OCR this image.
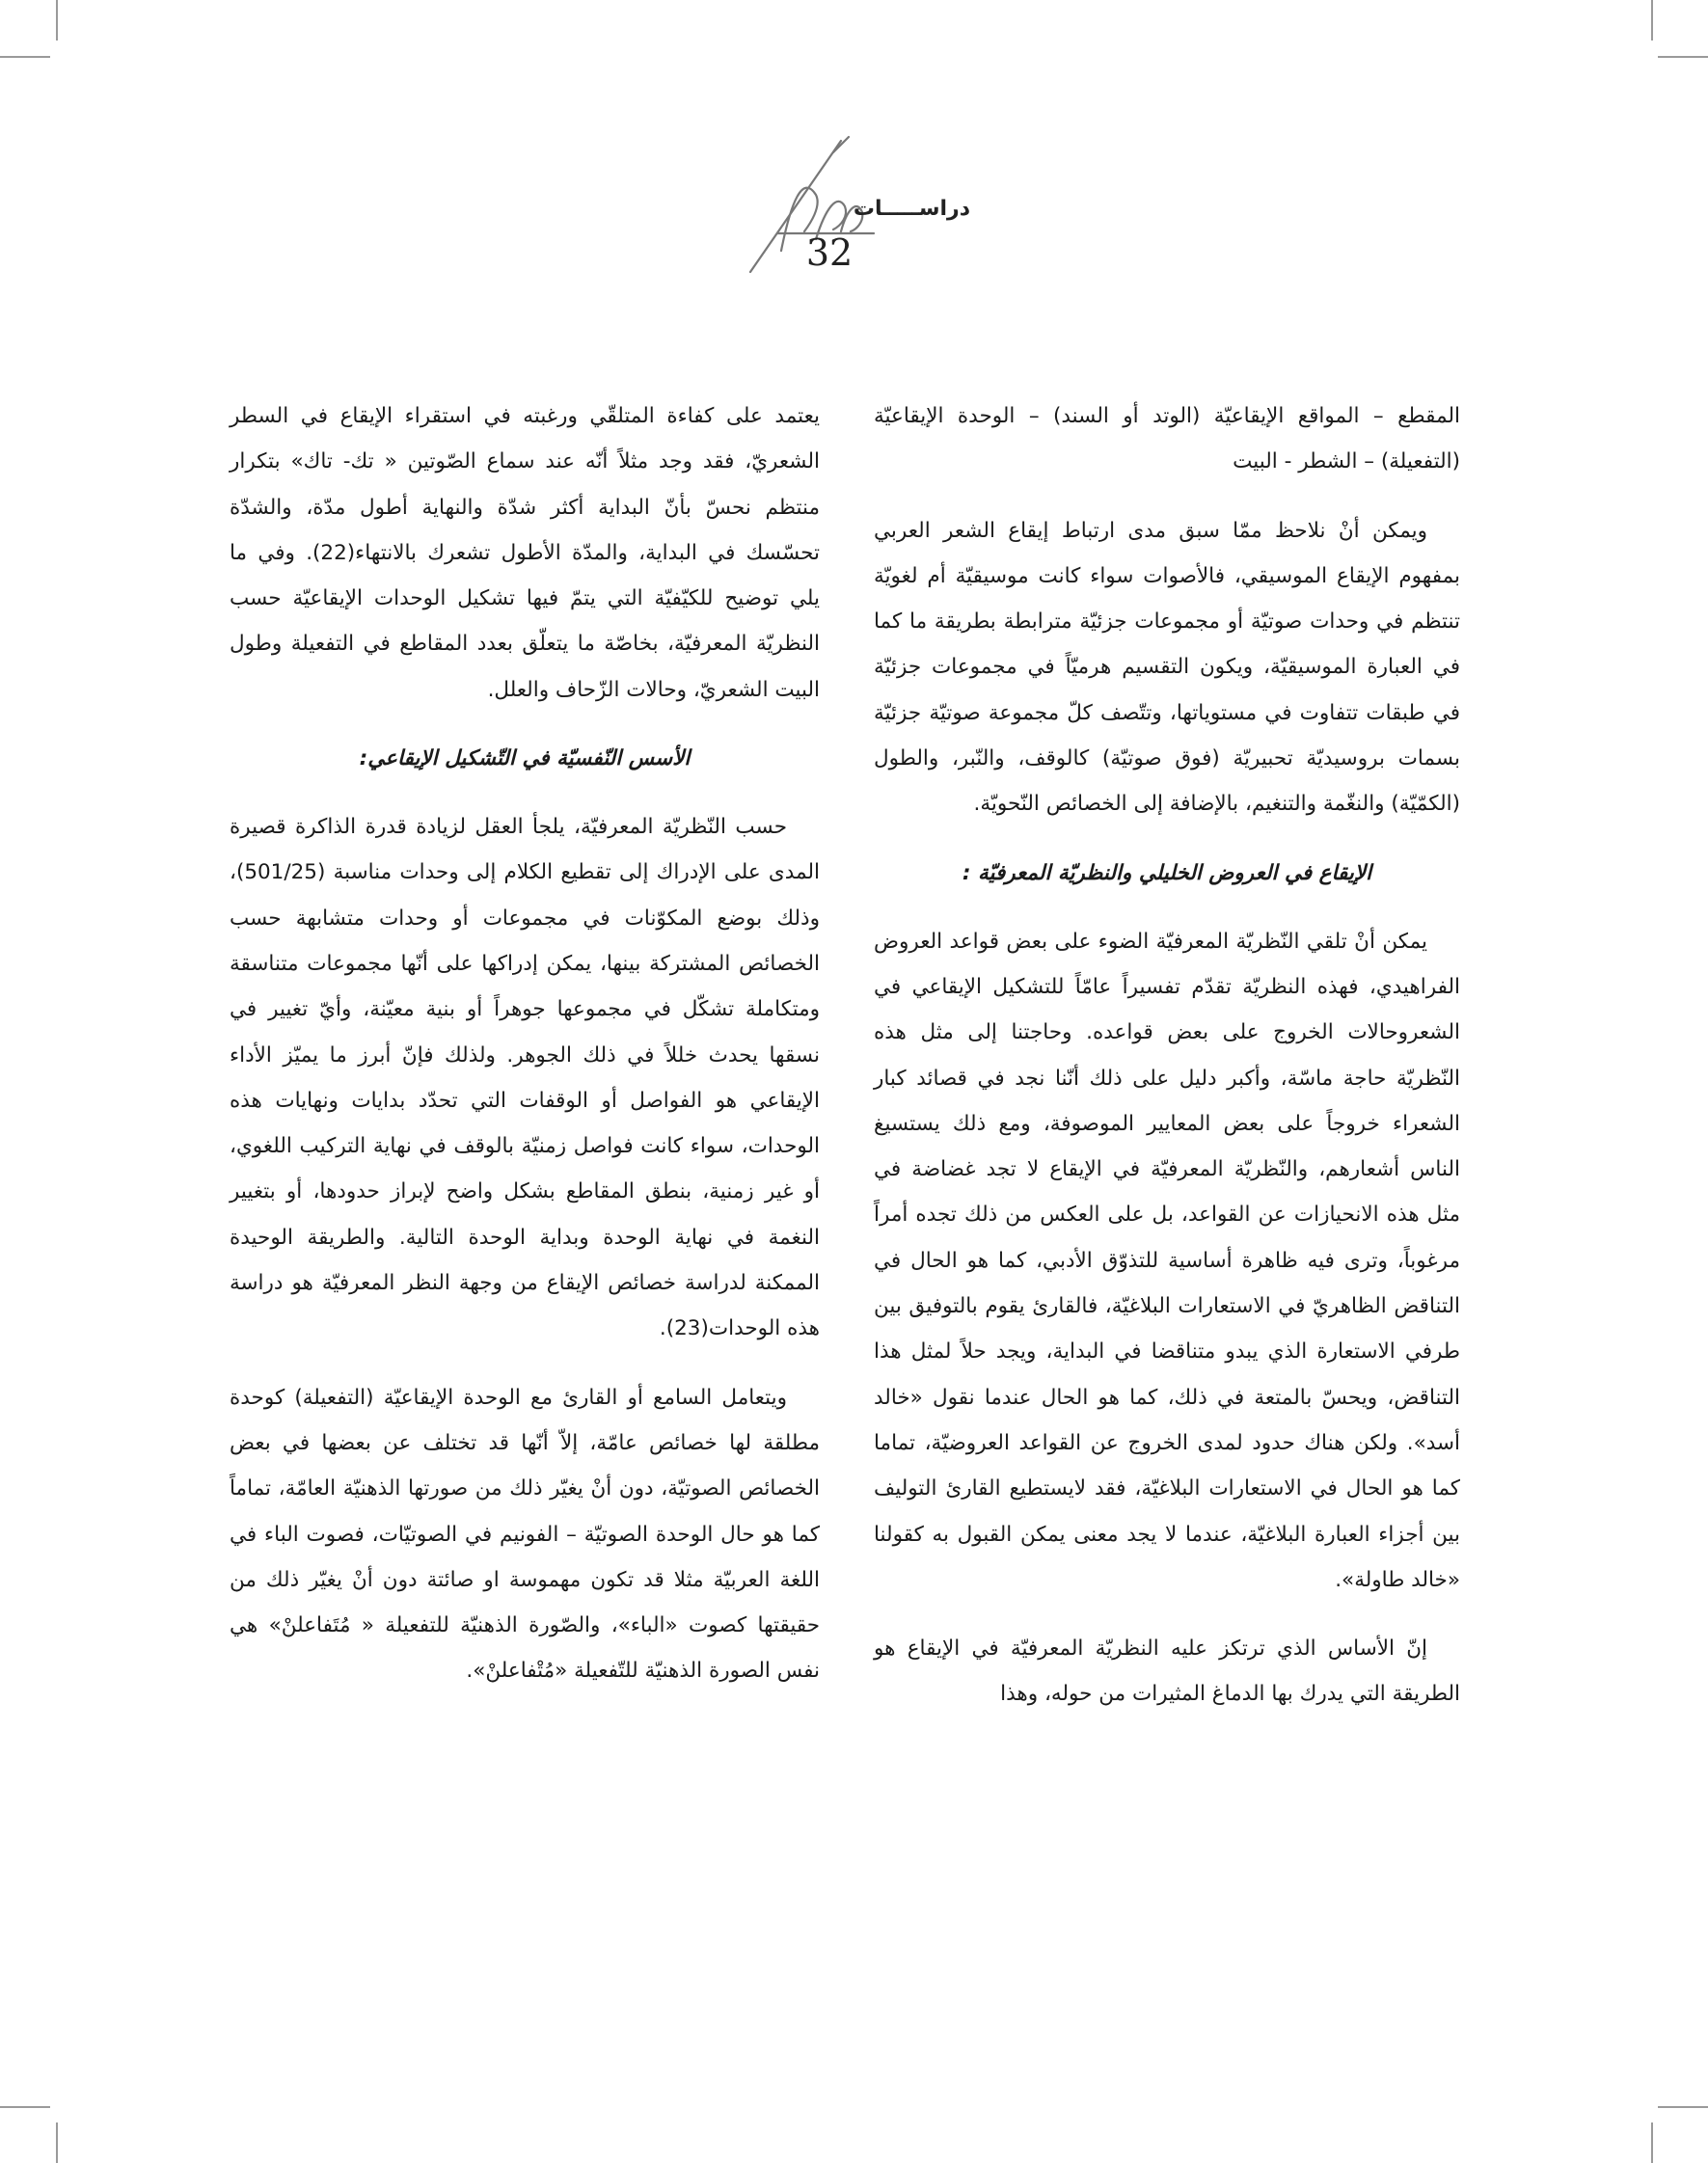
دراســـــات
32

المقطع – المواقع الإيقاعيّة (الوتد أو السند) – الوحدة الإيقاعيّة (التفعيلة) – الشطر - البيت

ويمكن أنْ نلاحظ ممّا سبق مدى ارتباط إيقاع الشعر العربي بمفهوم الإيقاع الموسيقي، فالأصوات سواء كانت موسيقيّة أم لغويّة تنتظم في وحدات صوتيّة أو مجموعات جزئيّة مترابطة بطريقة ما كما في العبارة الموسيقيّة، ويكون التقسيم هرميّاً في مجموعات جزئيّة في طبقات تتفاوت في مستوياتها، وتتّصف كلّ مجموعة صوتيّة جزئيّة بسمات بروسيديّة تحبيريّة (فوق صوتيّة) كالوقف، والنّبر، والطول (الكمّيّة) والنغّمة والتنغيم، بالإضافة إلى الخصائص النّحويّة.

الإيقاع في العروض الخليلي والنظريّة المعرفيّة :

يمكن أنْ تلقي النّظريّة المعرفيّة الضوء على بعض قواعد العروض الفراهيدي، فهذه النظريّة تقدّم تفسيراً عامّاً للتشكيل الإيقاعي في الشعروحالات الخروج على بعض قواعده. وحاجتنا إلى مثل هذه النّظريّة حاجة ماسّة، وأكبر دليل على ذلك أنّنا نجد في قصائد كبار الشعراء خروجاً على بعض المعايير الموصوفة، ومع ذلك يستسيغ الناس أشعارهم، والنّظريّة المعرفيّة في الإيقاع لا تجد غضاضة في مثل هذه الانحيازات عن القواعد، بل على العكس من ذلك تجده أمراً مرغوباً، وترى فيه ظاهرة أساسية للتذوّق الأدبي، كما هو الحال في التناقض الظاهريّ في الاستعارات البلاغيّة، فالقارئ يقوم بالتوفيق بين طرفي الاستعارة الذي يبدو متناقضا في البداية، ويجد حلاً لمثل هذا التناقض، ويحسّ بالمتعة في ذلك، كما هو الحال عندما نقول «خالد أسد». ولكن هناك حدود لمدى الخروج عن القواعد العروضيّة، تماما كما هو الحال في الاستعارات البلاغيّة، فقد لايستطيع القارئ التوليف بين أجزاء العبارة البلاغيّة، عندما لا يجد معنى يمكن القبول به كقولنا «خالد طاولة».

إنّ الأساس الذي ترتكز عليه النظريّة المعرفيّة في الإيقاع هو الطريقة التي يدرك بها الدماغ المثيرات من حوله، وهذا

يعتمد على كفاءة المتلقّي ورغبته في استقراء الإيقاع في السطر الشعريّ، فقد وجد مثلاً أنّه عند سماع الصّوتين « تك- تاك» بتكرار منتظم نحسّ بأنّ البداية أكثر شدّة والنهاية أطول مدّة، والشدّة تحسّسك في البداية، والمدّة الأطول تشعرك بالانتهاء(22). وفي ما يلي توضيح للكيّفيّة التي يتمّ فيها تشكيل الوحدات الإيقاعيّة حسب النظريّة المعرفيّة، بخاصّة ما يتعلّق بعدد المقاطع في التفعيلة وطول البيت الشعريّ، وحالات الزّحاف والعلل.

الأسس النّفسيّة في التّشكيل الإيقاعي:

حسب النّظريّة المعرفيّة، يلجأ العقل لزيادة قدرة الذاكرة قصيرة المدى على الإدراك إلى تقطيع الكلام إلى وحدات مناسبة (501/25)، وذلك بوضع المكوّنات في مجموعات أو وحدات متشابهة حسب الخصائص المشتركة بينها، يمكن إدراكها على أنّها مجموعات متناسقة ومتكاملة تشكّل في مجموعها جوهراً أو بنية معيّنة، وأيّ تغيير في نسقها يحدث خللاً في ذلك الجوهر. ولذلك فإنّ أبرز ما يميّز الأداء الإيقاعي هو الفواصل أو الوقفات التي تحدّد بدايات ونهايات هذه الوحدات، سواء كانت فواصل زمنيّة بالوقف في نهاية التركيب اللغوي، أو غير زمنية، بنطق المقاطع بشكل واضح لإبراز حدودها، أو بتغيير النغمة في نهاية الوحدة وبداية الوحدة التالية. والطريقة الوحيدة الممكنة لدراسة خصائص الإيقاع من وجهة النظر المعرفيّة هو دراسة هذه الوحدات(23).

ويتعامل السامع أو القارئ مع الوحدة الإيقاعيّة (التفعيلة) كوحدة مطلقة لها خصائص عامّة، إلاّ أنّها قد تختلف عن بعضها في بعض الخصائص الصوتيّة، دون أنْ يغيّر ذلك من صورتها الذهنيّة العامّة، تماماً كما هو حال الوحدة الصوتيّة – الفونيم في الصوتيّات، فصوت الباء في اللغة العربيّة مثلا قد تكون مهموسة او صائتة دون أنْ يغيّر ذلك من حقيقتها كصوت «الباء»، والصّورة الذهنيّة للتفعيلة « مُتَفاعلنْ» هي نفس الصورة الذهنيّة للتّفعيلة «مُتْفاعلنْ».
